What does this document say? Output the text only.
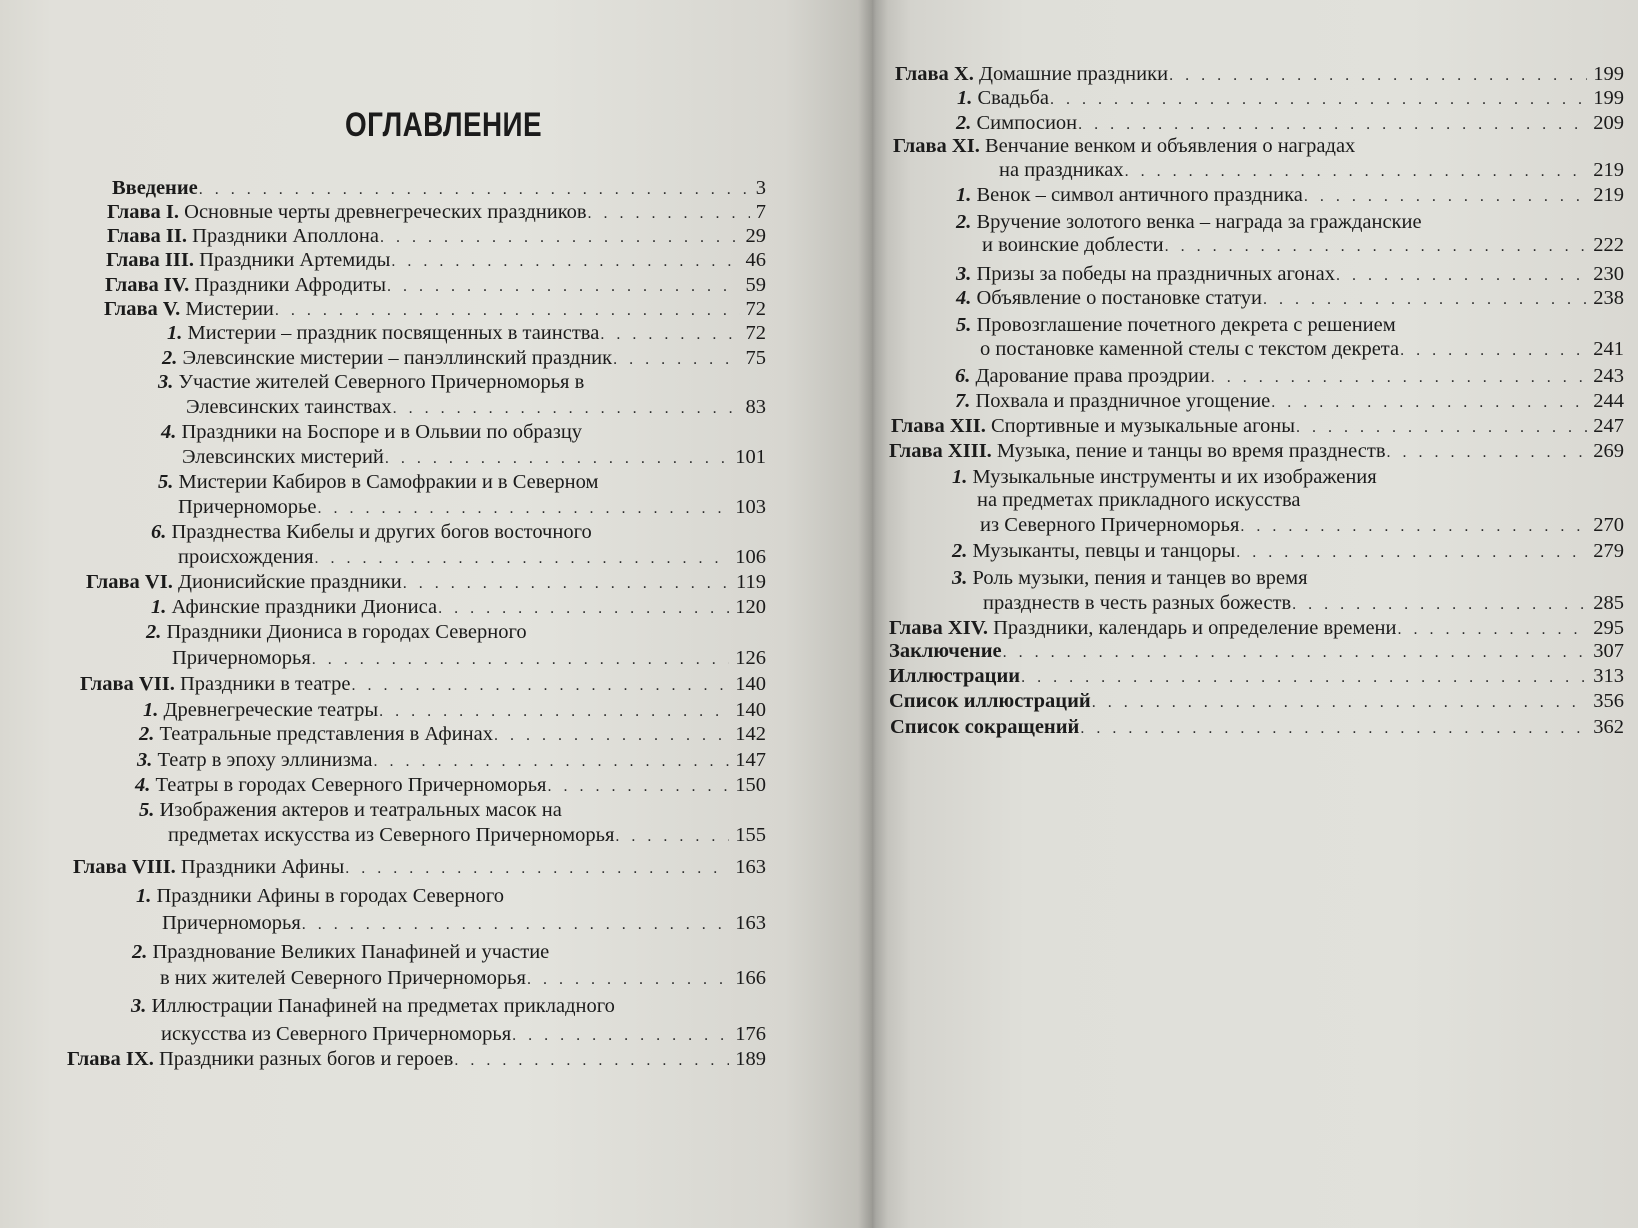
ОГЛАВЛЕНИЕ
Введение . . .	3
Глава I. Основные черты древнегреческих праздников . . .	7
Глава II. Праздники Аполлона . . .	29
Глава III. Праздники Артемиды . . .	46
Глава IV. Праздники Афродиты . . .	59
Глава V. Мистерии . . .	72
1. Мистерии – праздник посвященных в таинства . . .	72
2. Элевсинские мистерии – панэллинский праздник . . .	75
3. Участие жителей Северного Причерноморья в
Элевсинских таинствах . . .	83
4. Праздники на Боспоре и в Ольвии по образцу
Элевсинских мистерий . . .	101
5. Мистерии Кабиров в Самофракии и в Северном
Причерноморье . . .	103
6. Празднества Кибелы и других богов восточного
происхождения . . .	106
Глава VI. Дионисийские праздники . . .	119
1. Афинские праздники Диониса . . .	120
2. Праздники Диониса в городах Северного
Причерноморья . . .	126
Глава VII. Праздники в театре . . .	140
1. Древнегреческие театры . . .	140
2. Театральные представления в Афинах . . .	142
3. Театр в эпоху эллинизма . . .	147
4. Театры в городах Северного Причерноморья . . .	150
5. Изображения актеров и театральных масок на
предметах искусства из Северного Причерноморья . . .	155
Глава VIII. Праздники Афины . . .	163
1. Праздники Афины в городах Северного
Причерноморья . . .	163
2. Празднование Великих Панафиней и участие
в них жителей Северного Причерноморья . . .	166
3. Иллюстрации Панафиней на предметах прикладного
искусства из Северного Причерноморья . . .	176
Глава IX. Праздники разных богов и героев . . .	189
Глава X. Домашние праздники . . .	199
1. Свадьба . . .	199
2. Симпосион . . .	209
Глава XI. Венчание венком и объявления о наградах
на праздниках . . .	219
1. Венок – символ античного праздника . . .	219
2. Вручение золотого венка – награда за гражданские
и воинские доблести . . .	222
3. Призы за победы на праздничных агонах . . .	230
4. Объявление о постановке статуи . . .	238
5. Провозглашение почетного декрета с решением
о постановке каменной стелы с текстом декрета . . .	241
6. Дарование права проэдрии . . .	243
7. Похвала и праздничное угощение . . .	244
Глава XII. Спортивные и музыкальные агоны . . .	247
Глава XIII. Музыка, пение и танцы во время празднеств . . .	269
1. Музыкальные инструменты и их изображения
на предметах прикладного искусства
из Северного Причерноморья . . .	270
2. Музыканты, певцы и танцоры . . .	279
3. Роль музыки, пения и танцев во время
празднеств в честь разных божеств . . .	285
Глава XIV. Праздники, календарь и определение времени . . .	295
Заключение . . .	307
Иллюстрации . . .	313
Список иллюстраций . . .	356
Список сокращений . . .	362
